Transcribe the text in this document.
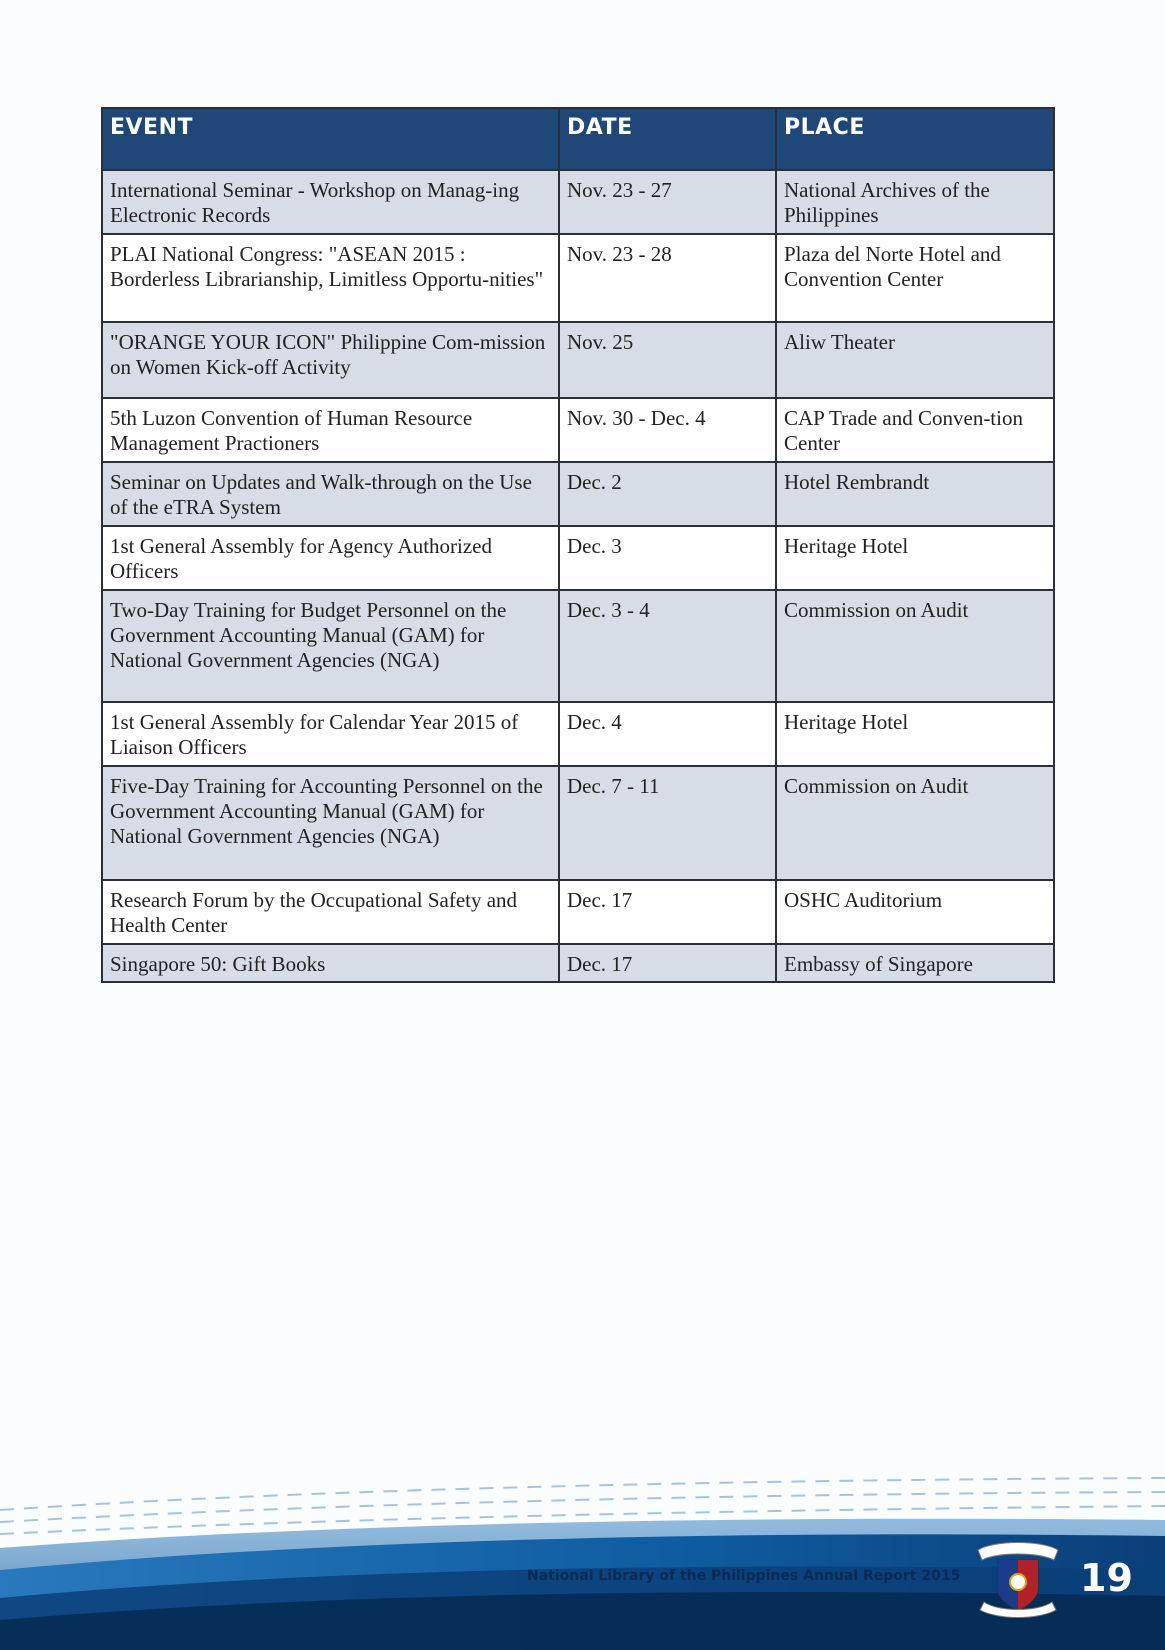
EVENT	DATE	PLACE
International Seminar - Workshop on Manag-ing Electronic Records	Nov. 23 - 27	National Archives of the Philippines
PLAI National Congress: "ASEAN 2015 : Borderless Librarianship, Limitless Opportu-nities"	Nov. 23 - 28	Plaza del Norte Hotel and Convention Center
"ORANGE YOUR ICON" Philippine Com-mission on Women Kick-off Activity	Nov. 25	Aliw Theater
5th Luzon Convention of Human Resource Management Practioners	Nov. 30 - Dec. 4	CAP Trade and Conven-tion Center
Seminar on Updates and Walk-through on the Use of the eTRA System	Dec. 2	Hotel Rembrandt
1st General Assembly for Agency Authorized Officers	Dec. 3	Heritage Hotel
Two-Day Training for Budget Personnel on the Government Accounting Manual (GAM) for National Government Agencies (NGA)	Dec. 3 - 4	Commission on Audit
1st General Assembly for Calendar Year 2015 of Liaison Officers	Dec. 4	Heritage Hotel
Five-Day Training for Accounting Personnel on the Government Accounting Manual (GAM) for National Government Agencies (NGA)	Dec. 7 - 11	Commission on Audit
Research Forum by the Occupational Safety and Health Center	Dec. 17	OSHC Auditorium
Singapore 50: Gift Books	Dec. 17	Embassy of Singapore
National Library of the Philippines Annual Report 2015	19
